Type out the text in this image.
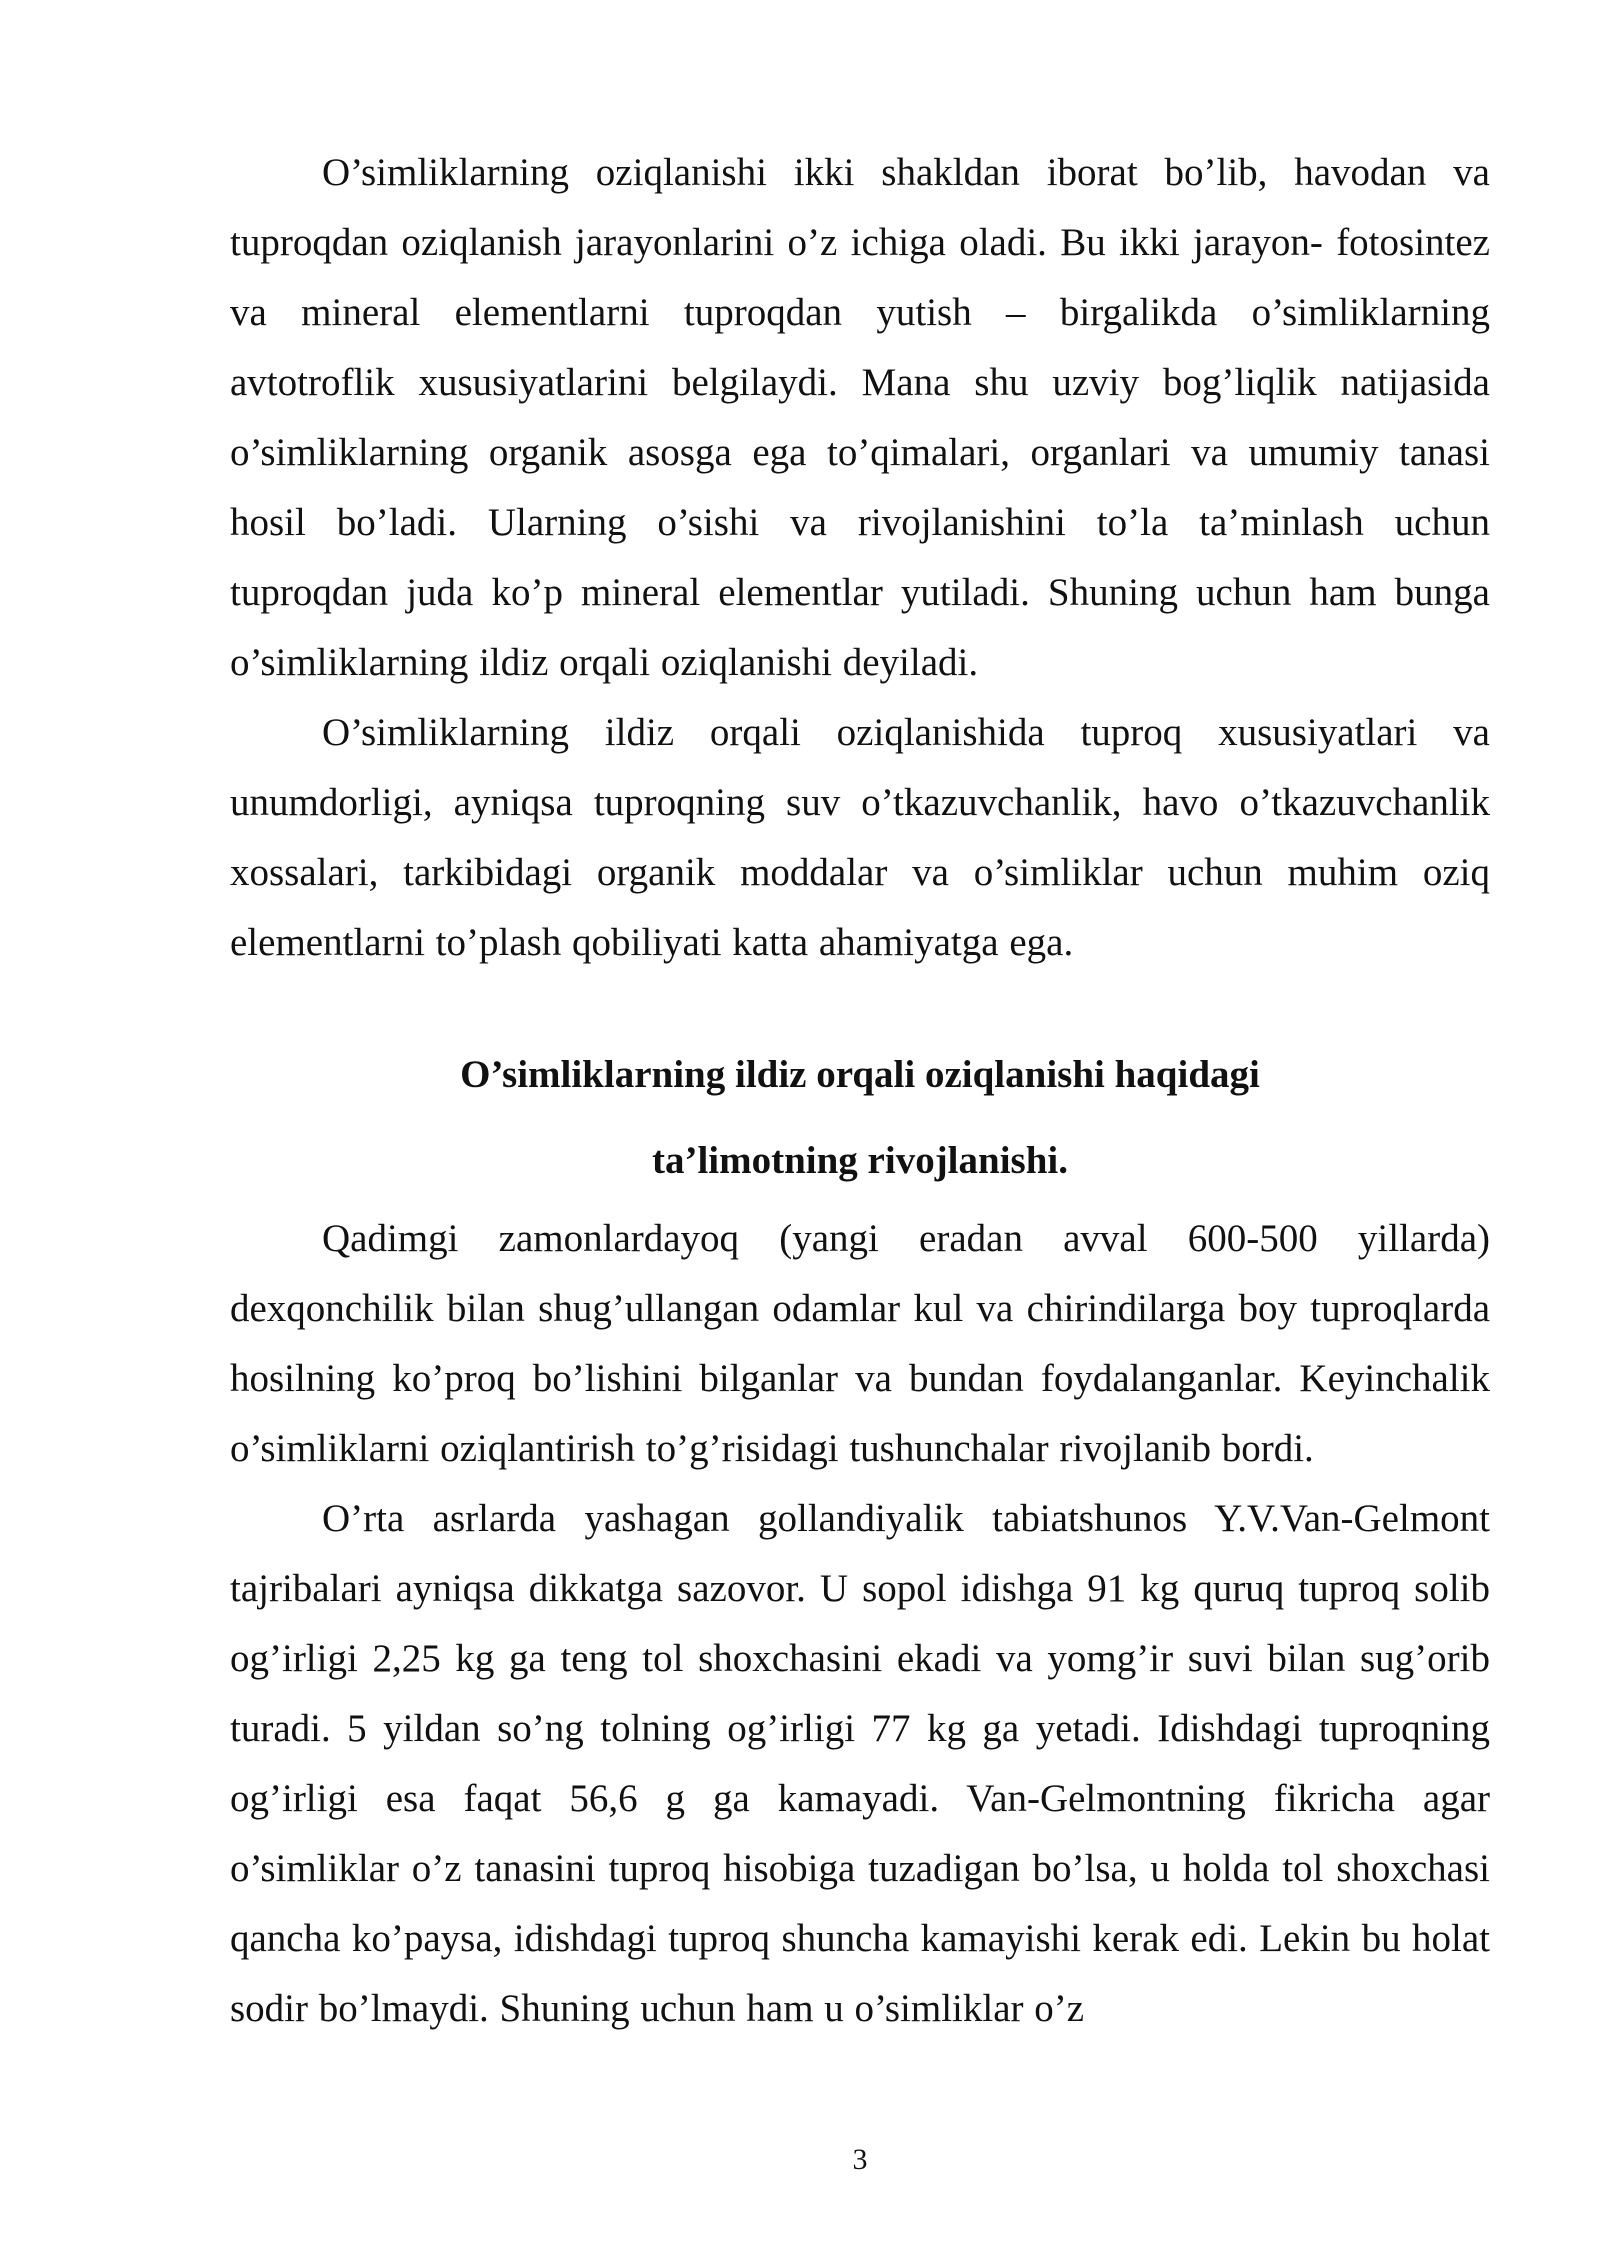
O’simliklarning oziqlanishi ikki shakldan iborat bo’lib, havodan va tuproqdan oziqlanish jarayonlarini o’z ichiga oladi. Bu ikki jarayon- fotosintez va mineral elementlarni tuproqdan yutish – birgalikda o’simliklarning avtotroflik xususiyatlarini belgilaydi. Mana shu uzviy bog’liqlik natijasida o’simliklarning organik asosga ega to’qimalari, organlari va umumiy tanasi hosil bo’ladi. Ularning o’sishi va rivojlanishini to’la ta’minlash uchun tuproqdan juda ko’p mineral elementlar yutiladi. Shuning uchun ham bunga o’simliklarning ildiz orqali oziqlanishi deyiladi.

O’simliklarning ildiz orqali oziqlanishida tuproq xususiyatlari va unumdorligi, ayniqsa tuproqning suv o’tkazuvchanlik, havo o’tkazuvchanlik xossalari, tarkibidagi organik moddalar va o’simliklar uchun muhim oziq elementlarni to’plash qobiliyati katta ahamiyatga ega.

O’simliklarning ildiz orqali oziqlanishi haqidagi
ta’limotning rivojlanishi.

Qadimgi zamonlardayoq (yangi eradan avval 600-500 yillarda) dexqonchilik bilan shug’ullangan odamlar kul va chirindilarga boy tuproqlarda hosilning ko’proq bo’lishini bilganlar va bundan foydalanganlar. Keyinchalik o’simliklarni oziqlantirish to’g’risidagi tushunchalar rivojlanib bordi.

O’rta asrlarda yashagan gollandiyalik tabiatshunos Y.V.Van-Gelmont tajribalari ayniqsa dikkatga sazovor. U sopol idishga 91 kg quruq tuproq solib og’irligi 2,25 kg ga teng tol shoxchasini ekadi va yomg’ir suvi bilan sug’orib turadi. 5 yildan so’ng tolning og’irligi 77 kg ga yetadi. Idishdagi tuproqning og’irligi esa faqat 56,6 g ga kamayadi. Van-Gelmontning fikricha agar o’simliklar o’z tanasini tuproq hisobiga tuzadigan bo’lsa, u holda tol shoxchasi qancha ko’paysa, idishdagi tuproq shuncha kamayishi kerak edi. Lekin bu holat sodir bo’lmaydi. Shuning uchun ham u o’simliklar o’z

3
